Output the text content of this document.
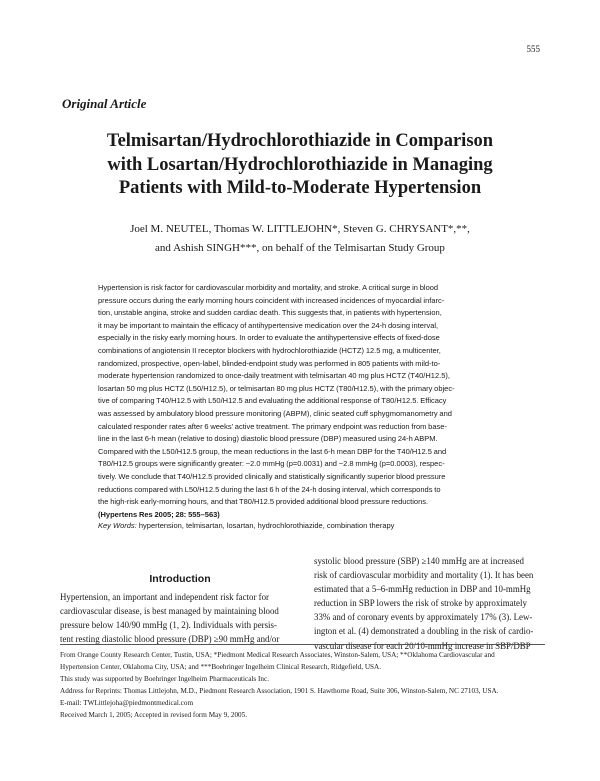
555
Original Article
Telmisartan/Hydrochlorothiazide in Comparison
with Losartan/Hydrochlorothiazide in Managing
Patients with Mild-to-Moderate Hypertension
Joel M. NEUTEL, Thomas W. LITTLEJOHN*, Steven G. CHRYSANT*,**,
and Ashish SINGH***, on behalf of the Telmisartan Study Group
Hypertension is risk factor for cardiovascular morbidity and mortality, and stroke. A critical surge in blood
pressure occurs during the early morning hours coincident with increased incidences of myocardial infarc-
tion, unstable angina, stroke and sudden cardiac death. This suggests that, in patients with hypertension,
it may be important to maintain the efficacy of antihypertensive medication over the 24-h dosing interval,
especially in the risky early morning hours. In order to evaluate the antihypertensive effects of fixed-dose
combinations of angiotensin II receptor blockers with hydrochlorothiazide (HCTZ) 12.5 mg, a multicenter,
randomized, prospective, open-label, blinded-endpoint study was performed in 805 patients with mild-to-
moderate hypertension randomized to once-daily treatment with telmisartan 40 mg plus HCTZ (T40/H12.5),
losartan 50 mg plus HCTZ (L50/H12.5), or telmisartan 80 mg plus HCTZ (T80/H12.5), with the primary objec-
tive of comparing T40/H12.5 with L50/H12.5 and evaluating the additional response of T80/H12.5. Efficacy
was assessed by ambulatory blood pressure monitoring (ABPM), clinic seated cuff sphygmomanometry and
calculated responder rates after 6 weeks' active treatment. The primary endpoint was reduction from base-
line in the last 6-h mean (relative to dosing) diastolic blood pressure (DBP) measured using 24-h ABPM.
Compared with the L50/H12.5 group, the mean reductions in the last 6-h mean DBP for the T40/H12.5 and
T80/H12.5 groups were significantly greater: −2.0 mmHg (p=0.0031) and −2.8 mmHg (p=0.0003), respec-
tively. We conclude that T40/H12.5 provided clinically and statistically significantly superior blood pressure
reductions compared with L50/H12.5 during the last 6 h of the 24-h dosing interval, which corresponds to
the high-risk early-morning hours, and that T80/H12.5 provided additional blood pressure reductions.
(Hypertens Res 2005; 28: 555–563)
Key Words: hypertension, telmisartan, losartan, hydrochlorothiazide, combination therapy
Introduction
Hypertension, an important and independent risk factor for
cardiovascular disease, is best managed by maintaining blood
pressure below 140/90 mmHg (1, 2). Individuals with persis-
tent resting diastolic blood pressure (DBP) ≥90 mmHg and/or
systolic blood pressure (SBP) ≥140 mmHg are at increased
risk of cardiovascular morbidity and mortality (1). It has been
estimated that a 5–6-mmHg reduction in DBP and 10-mmHg
reduction in SBP lowers the risk of stroke by approximately
33% and of coronary events by approximately 17% (3). Lew-
ington et al. (4) demonstrated a doubling in the risk of cardio-
vascular disease for each 20/10-mmHg increase in SBP/DBP
From Orange County Research Center, Tustin, USA; *Piedmont Medical Research Associates, Winston-Salem, USA; **Oklahoma Cardiovascular and
Hypertension Center, Oklahoma City, USA; and ***Boehringer Ingelheim Clinical Research, Ridgefield, USA.
This study was supported by Boehringer Ingelheim Pharmaceuticals Inc.
Address for Reprints: Thomas Littlejohn, M.D., Piedmont Research Association, 1901 S. Hawthorne Road, Suite 306, Winston-Salem, NC 27103, USA.
E-mail: TWLittlejoha@piedmontmedical.com
Received March 1, 2005; Accepted in revised form May 9, 2005.
